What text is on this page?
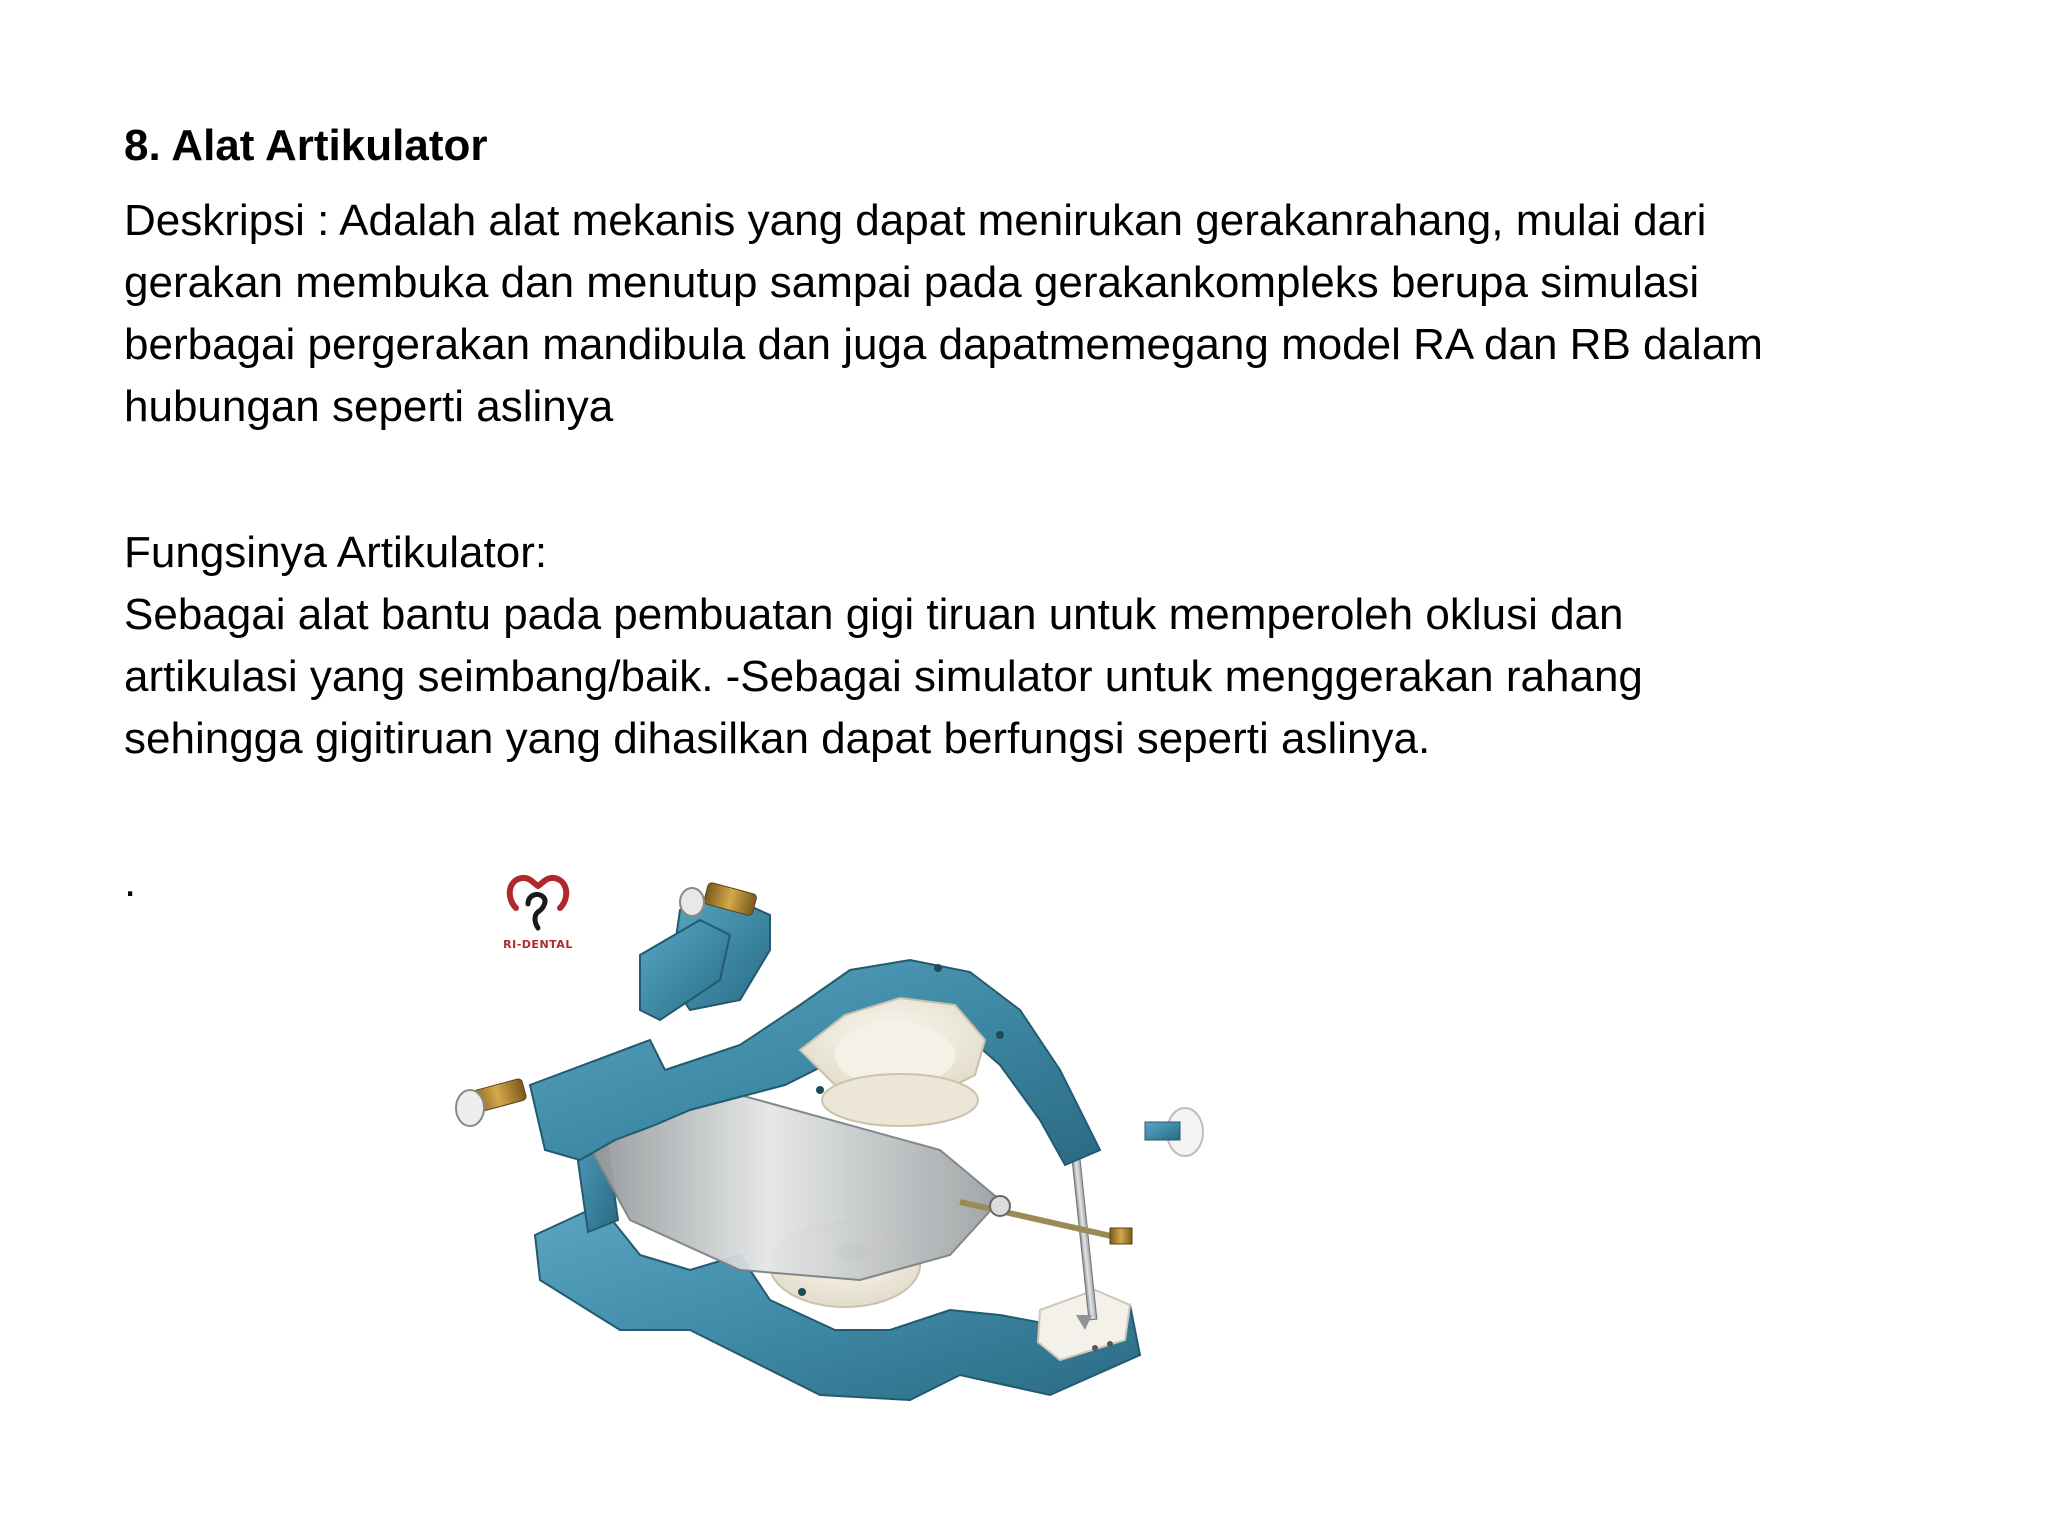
8. Alat Artikulator

Deskripsi : Adalah alat mekanis yang dapat menirukan gerakanrahang, mulai dari
gerakan membuka dan menutup sampai pada gerakankompleks berupa simulasi
berbagai pergerakan mandibula dan juga dapatmemegang model RA dan RB dalam
hubungan seperti aslinya

Fungsinya Artikulator:
Sebagai alat bantu pada pembuatan gigi tiruan untuk memperoleh oklusi dan
artikulasi yang seimbang/baik. -Sebagai simulator untuk menggerakan rahang
sehingga gigitiruan yang dihasilkan dapat berfungsi seperti aslinya.

.
RI-DENTAL
